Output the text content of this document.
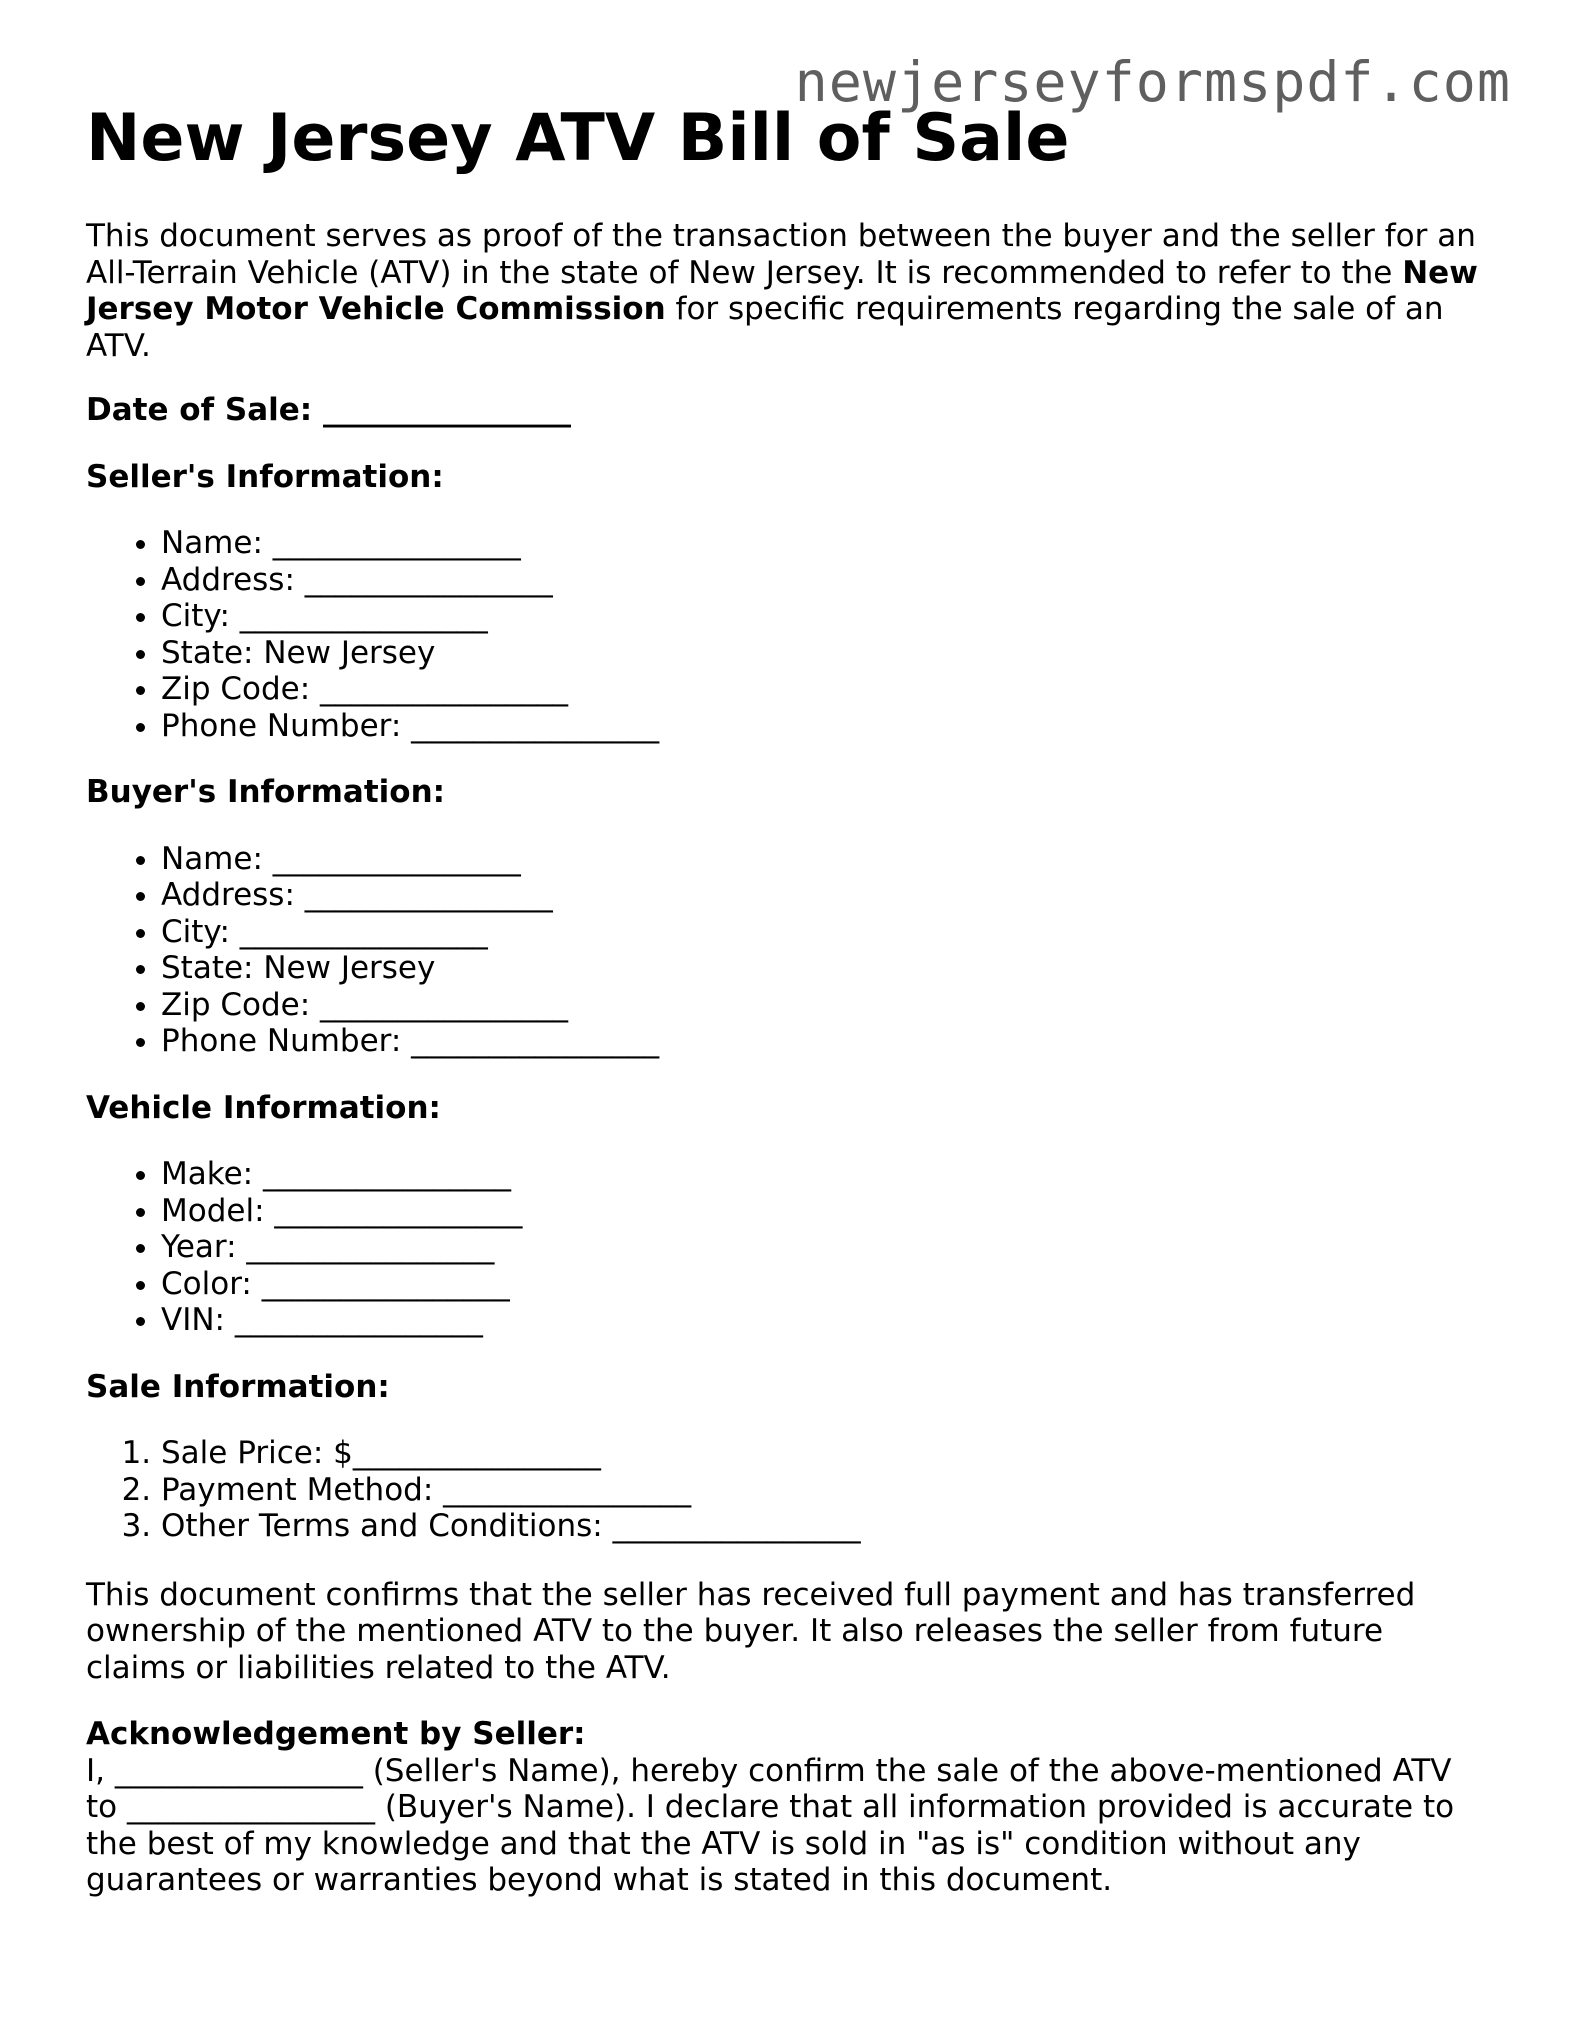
newjerseyformspdf.com
New Jersey ATV Bill of Sale

This document serves as proof of the transaction between the buyer and the seller for an All-Terrain Vehicle (ATV) in the state of New Jersey. It is recommended to refer to the New Jersey Motor Vehicle Commission for specific requirements regarding the sale of an ATV.

Date of Sale: ________________

Seller's Information:

• Name: ________________
• Address: ________________
• City: ________________
• State: New Jersey
• Zip Code: ________________
• Phone Number: ________________

Buyer's Information:

• Name: ________________
• Address: ________________
• City: ________________
• State: New Jersey
• Zip Code: ________________
• Phone Number: ________________

Vehicle Information:

• Make: ________________
• Model: ________________
• Year: ________________
• Color: ________________
• VIN: ________________

Sale Information:

1. Sale Price: $________________
2. Payment Method: ________________
3. Other Terms and Conditions: ________________

This document confirms that the seller has received full payment and has transferred ownership of the mentioned ATV to the buyer. It also releases the seller from future claims or liabilities related to the ATV.

Acknowledgement by Seller:

I, ________________ (Seller's Name), hereby confirm the sale of the above-mentioned ATV to ________________ (Buyer's Name). I declare that all information provided is accurate to the best of my knowledge and that the ATV is sold in "as is" condition without any guarantees or warranties beyond what is stated in this document.
